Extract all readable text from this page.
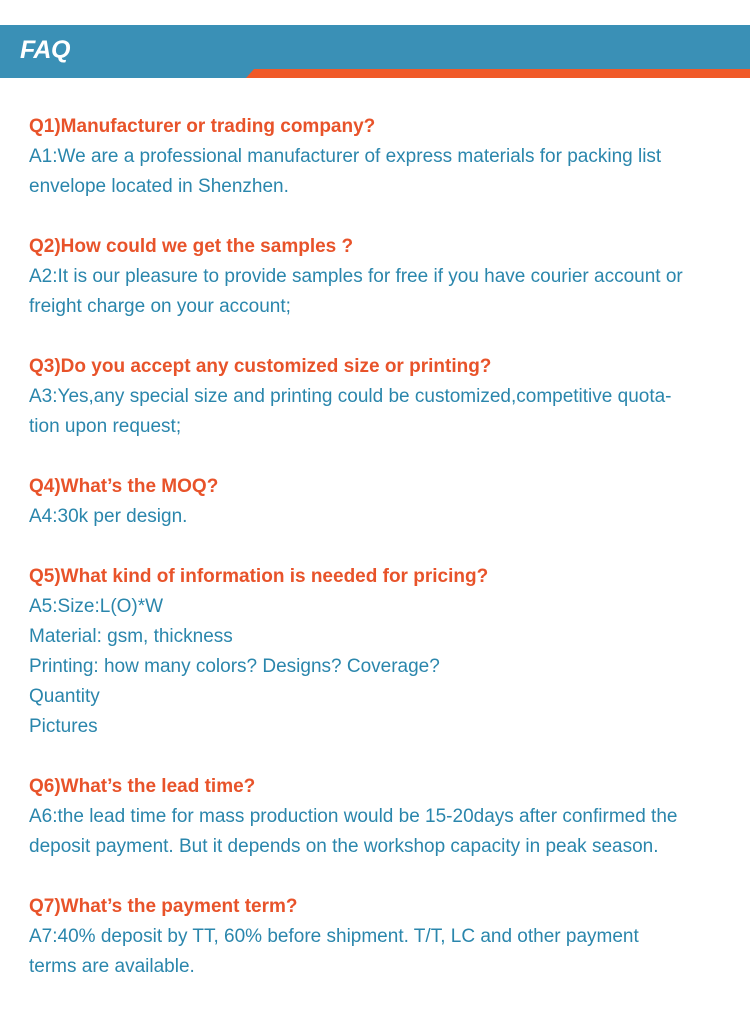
FAQ
Q1)Manufacturer or trading company?
A1:We are a professional manufacturer of express materials for packing list
envelope located in Shenzhen.
Q2)How could we get the samples ?
A2:It is our pleasure to provide samples for free if you have courier account or
freight charge on your account;
Q3)Do you accept any customized size or printing?
A3:Yes,any special size and printing could be customized,competitive quota-
tion upon request;
Q4)What’s the MOQ?
A4:30k per design.
Q5)What kind of information is needed for pricing?
A5:Size:L(O)*W
Material: gsm, thickness
Printing: how many colors? Designs? Coverage?
Quantity
Pictures
Q6)What’s the lead time?
A6:the lead time for mass production would be 15-20days after confirmed the
deposit payment. But it depends on the workshop capacity in peak season.
Q7)What’s the payment term?
A7:40% deposit by TT, 60% before shipment. T/T, LC and other payment
terms are available.
